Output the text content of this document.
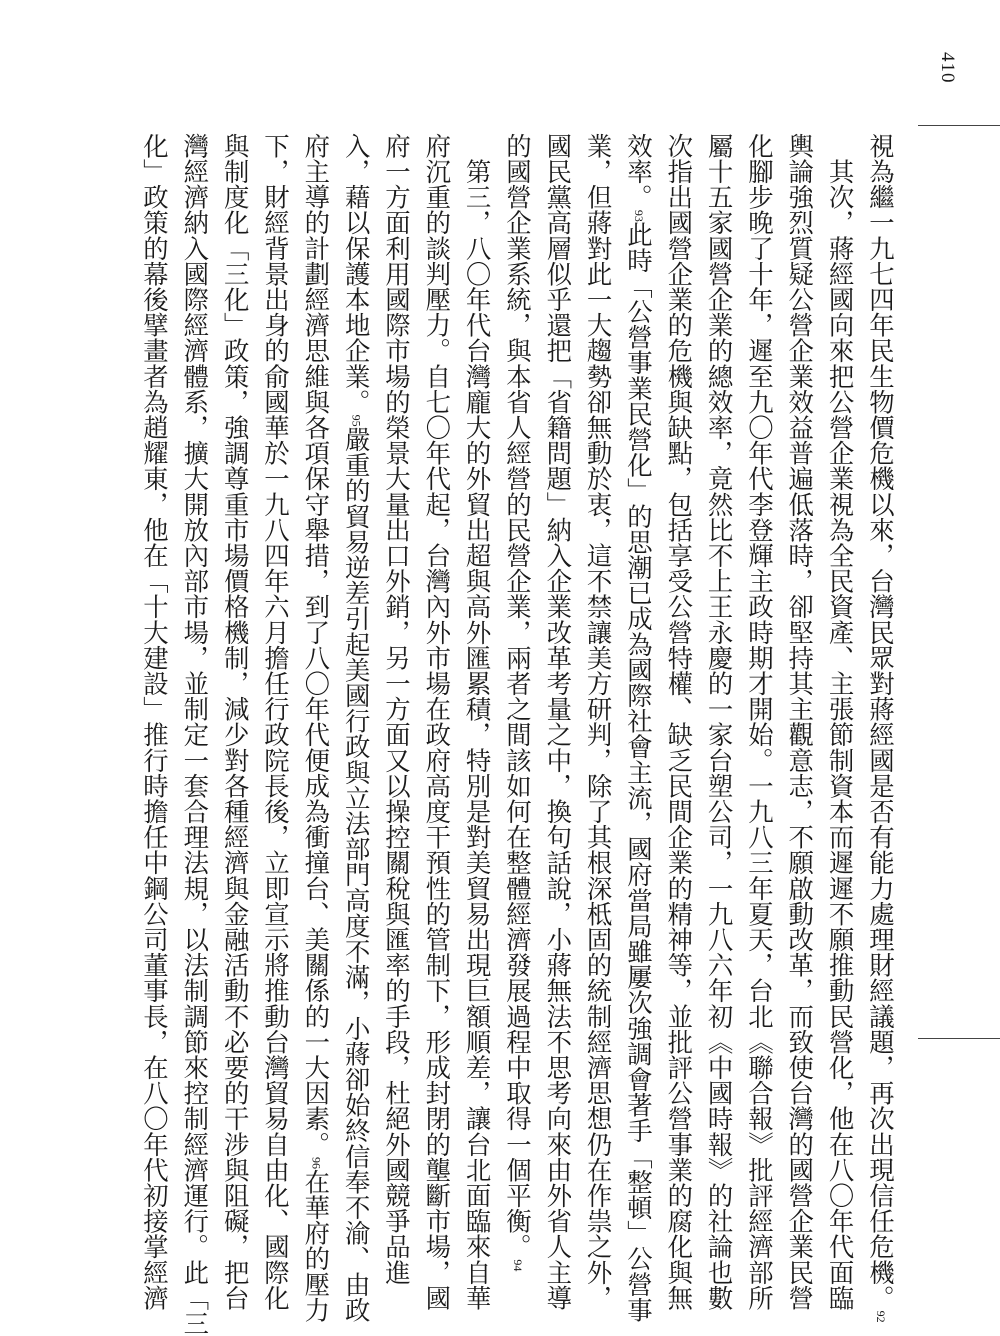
410
視為繼一九七四年民生物價危機以來，台灣民眾對蔣經國是否有能力處理財經議題，再次出現信任危機。92
　其次，蔣經國向來把公營企業視為全民資產、主張節制資本而遲遲不願推動民營化，他在八〇年代面臨
輿論強烈質疑公營企業效益普遍低落時，卻堅持其主觀意志，不願啟動改革，而致使台灣的國營企業民營
化腳步晚了十年，遲至九〇年代李登輝主政時期才開始。一九八三年夏天，台北《聯合報》批評經濟部所
屬十五家國營企業的總效率，竟然比不上王永慶的一家台塑公司，一九八六年初《中國時報》的社論也數
次指出國營企業的危機與缺點，包括享受公營特權、缺乏民間企業的精神等，並批評公營事業的腐化與無
效率。93此時「公營事業民營化」的思潮已成為國際社會主流，國府當局雖屢次強調會著手「整頓」公營事
業，但蔣對此一大趨勢卻無動於衷，這不禁讓美方研判，除了其根深柢固的統制經濟思想仍在作祟之外，
國民黨高層似乎還把「省籍問題」納入企業改革考量之中，換句話說，小蔣無法不思考向來由外省人主導
的國營企業系統，與本省人經營的民營企業，兩者之間該如何在整體經濟發展過程中取得一個平衡。94
　第三，八〇年代台灣龐大的外貿出超與高外匯累積，特別是對美貿易出現巨額順差，讓台北面臨來自華
府沉重的談判壓力。自七〇年代起，台灣內外市場在政府高度干預性的管制下，形成封閉的壟斷市場，國
府一方面利用國際市場的榮景大量出口外銷，另一方面又以操控關稅與匯率的手段，杜絕外國競爭品進
入，藉以保護本地企業。95嚴重的貿易逆差引起美國行政與立法部門高度不滿，小蔣卻始終信奉不渝、由政
府主導的計劃經濟思維與各項保守舉措，到了八〇年代便成為衝撞台、美關係的一大因素。96在華府的壓力
下，財經背景出身的俞國華於一九八四年六月擔任行政院長後，立即宣示將推動台灣貿易自由化、國際化
與制度化「三化」政策，強調尊重市場價格機制，減少對各種經濟與金融活動不必要的干涉與阻礙，把台
灣經濟納入國際經濟體系，擴大開放內部市場，並制定一套合理法規，以法制調節來控制經濟運行。此「三
化」政策的幕後擘畫者為趙耀東，他在「十大建設」推行時擔任中鋼公司董事長，在八〇年代初接掌經濟
